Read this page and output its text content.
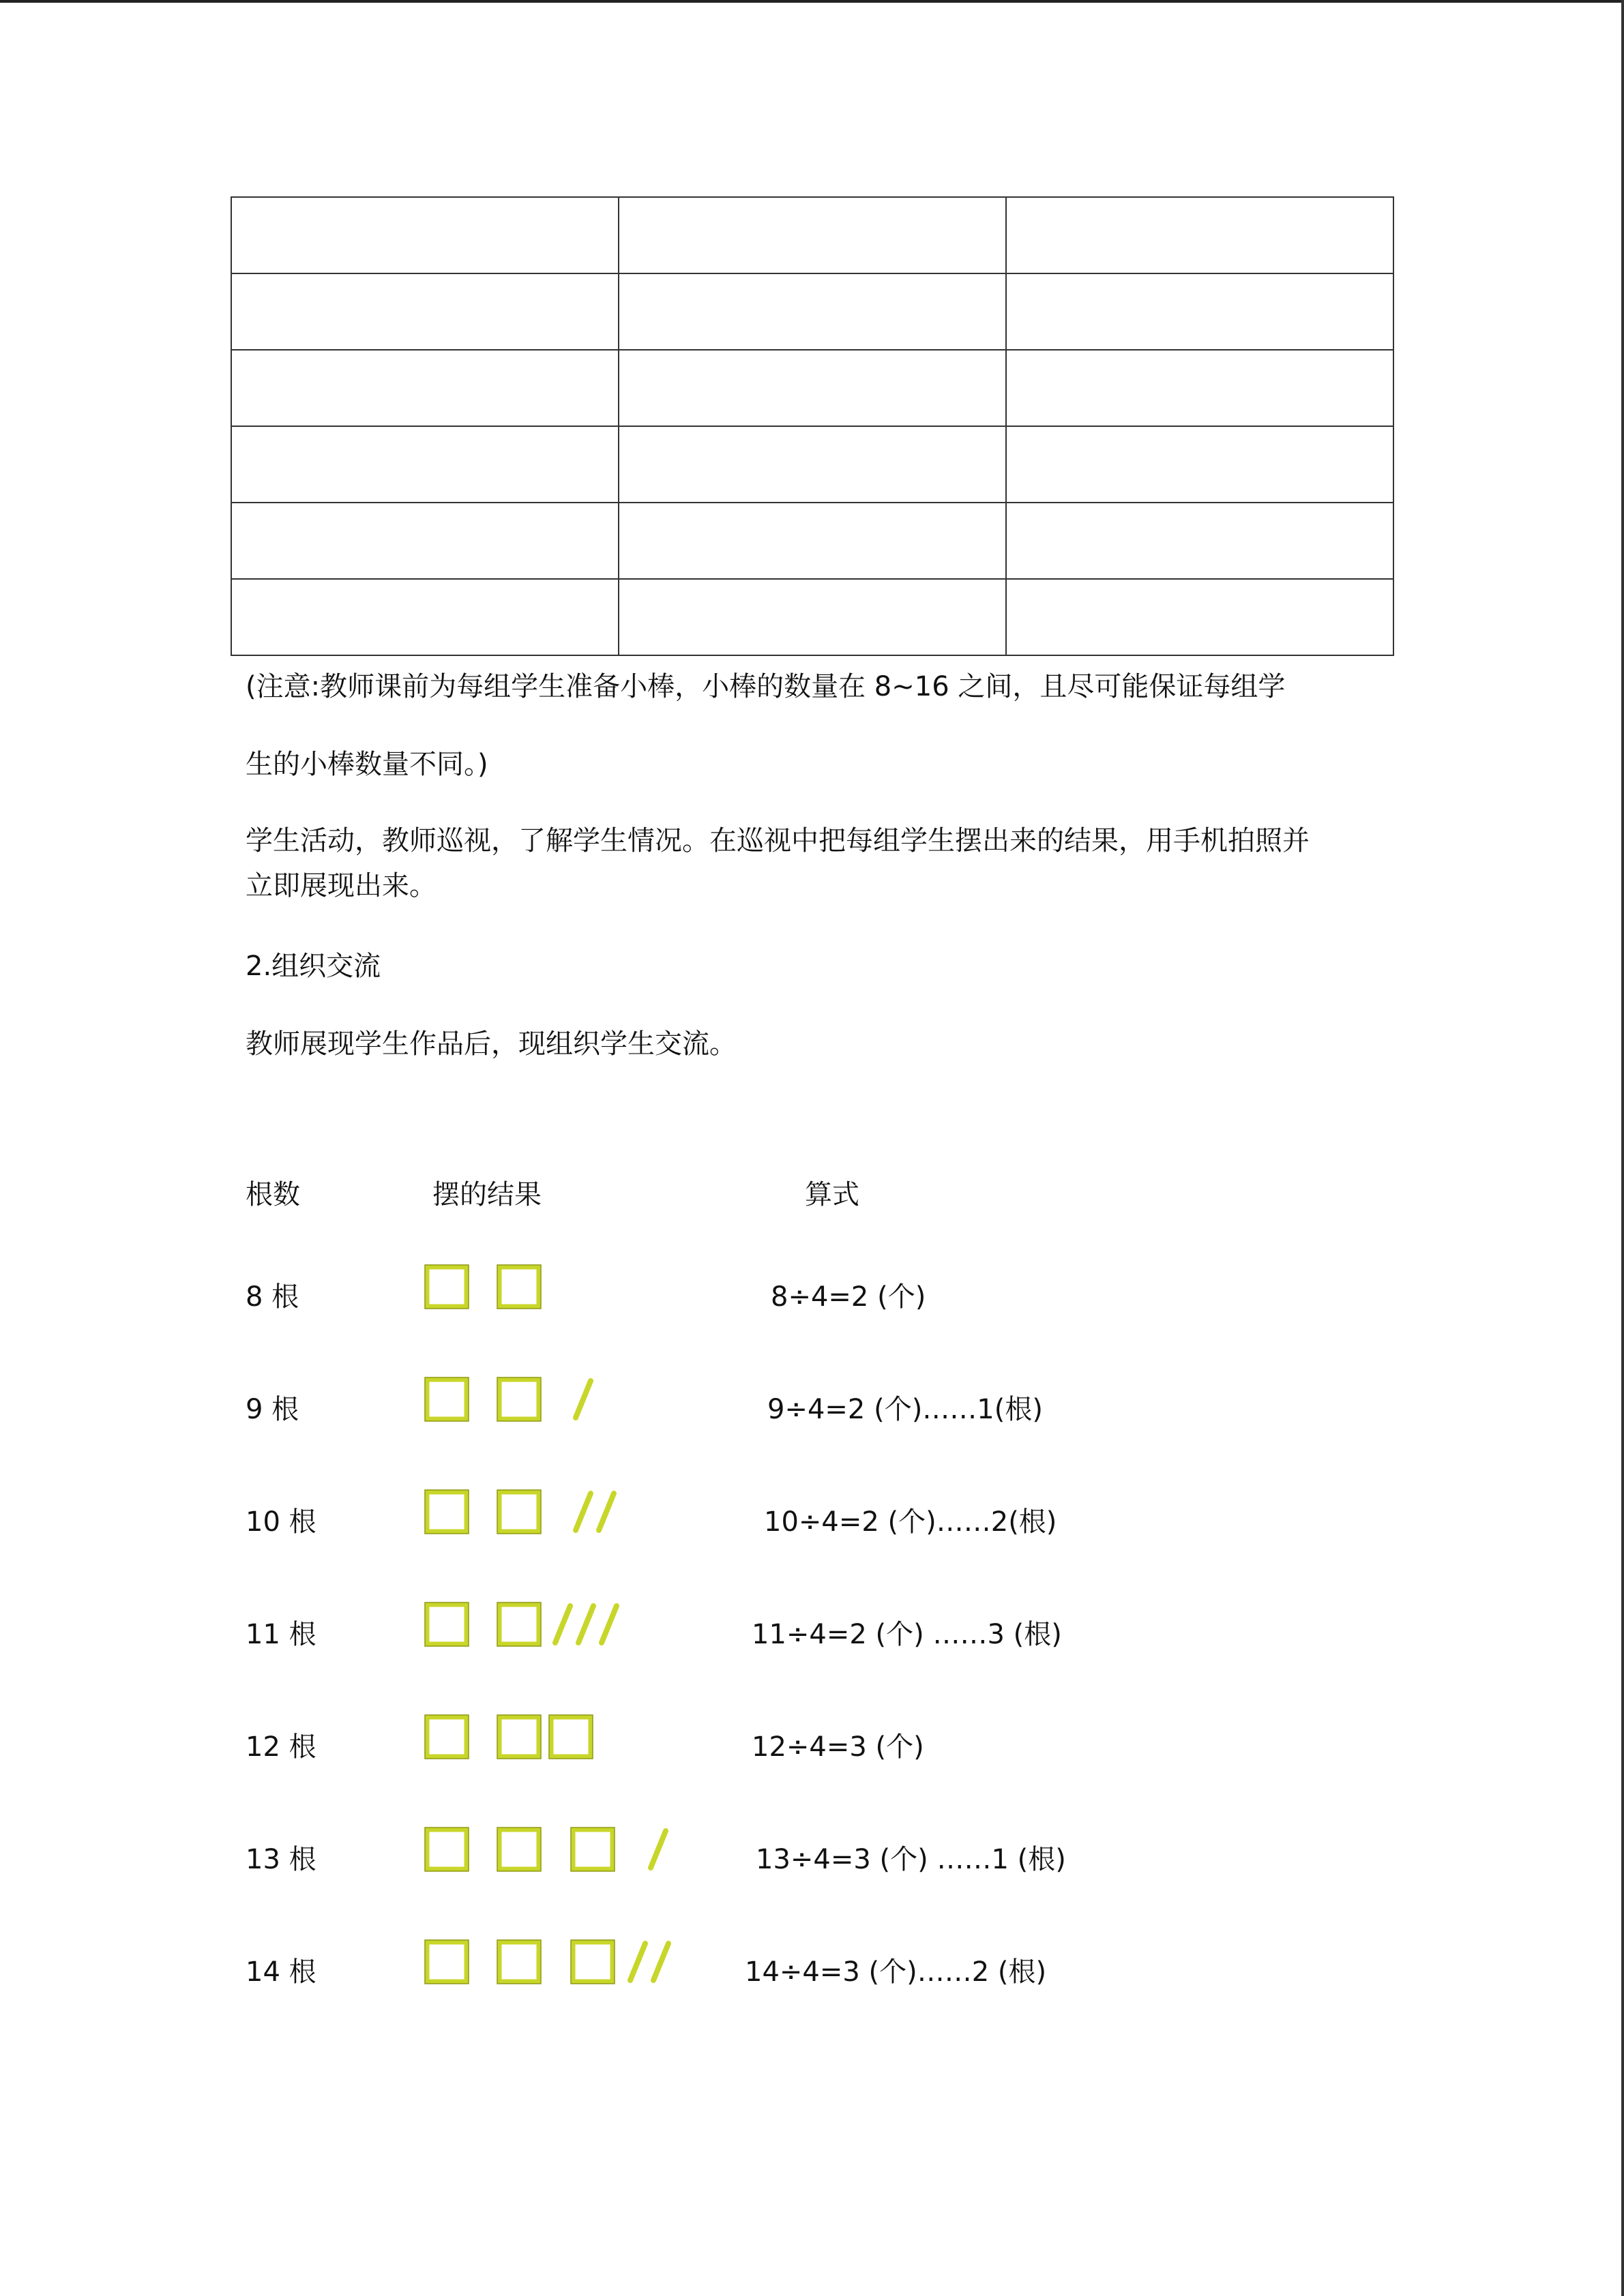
(注意:教师课前为每组学生准备小棒，小棒的数量在 8~16 之间，且尽可能保证每组学

生的小棒数量不同。)

学生活动，教师巡视，了解学生情况。在巡视中把每组学生摆出来的结果，用手机拍照并

立即展现出来。

2.组织交流

教师展现学生作品后，现组织学生交流。

根数	摆的结果	算式
8 根	8÷4=2 (个)
9 根	9÷4=2 (个)……1(根)
10 根	10÷4=2 (个)……2(根)
11 根	11÷4=2 (个) ……3 (根)
12 根	12÷4=3 (个)
13 根	13÷4=3 (个) ……1 (根)
14 根	14÷4=3 (个)……2 (根)
